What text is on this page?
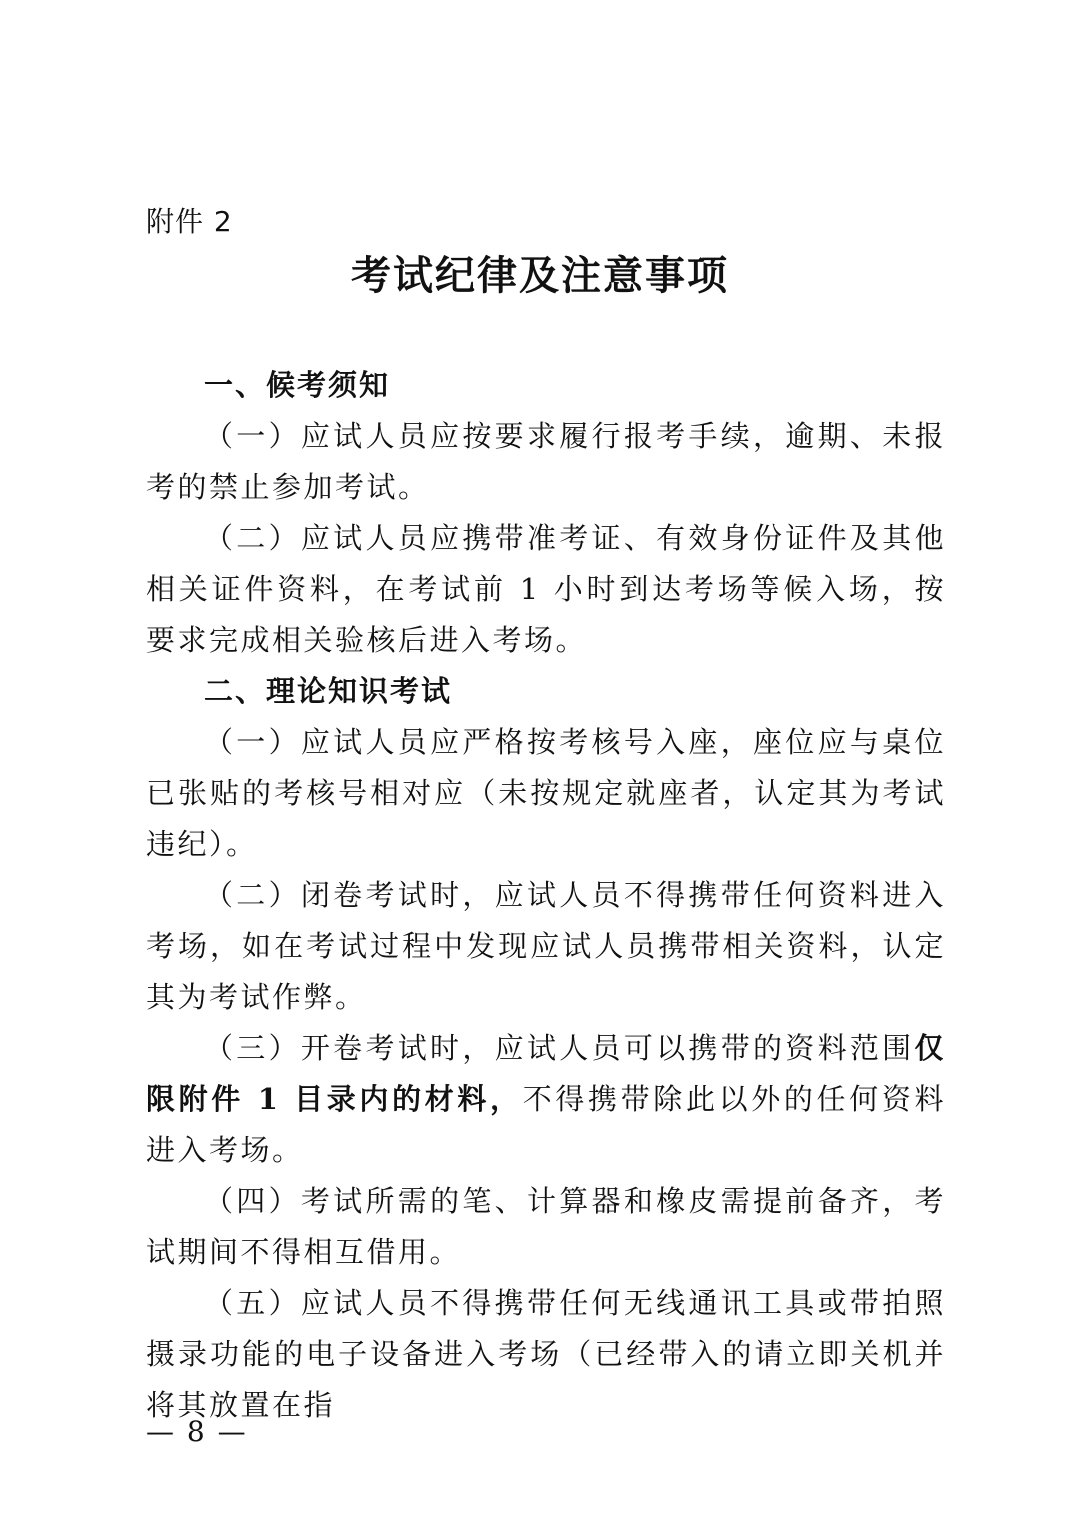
附件 2
考试纪律及注意事项

一、候考须知

（一）应试人员应按要求履行报考手续，逾期、未报考的禁止参加考试。

（二）应试人员应携带准考证、有效身份证件及其他相关证件资料，在考试前 1 小时到达考场等候入场，按要求完成相关验核后进入考场。

二、理论知识考试

（一）应试人员应严格按考核号入座，座位应与桌位已张贴的考核号相对应（未按规定就座者，认定其为考试违纪）。

（二）闭卷考试时，应试人员不得携带任何资料进入考场，如在考试过程中发现应试人员携带相关资料，认定其为考试作弊。

（三）开卷考试时，应试人员可以携带的资料范围仅限附件 1 目录内的材料，不得携带除此以外的任何资料进入考场。

（四）考试所需的笔、计算器和橡皮需提前备齐，考试期间不得相互借用。

（五）应试人员不得携带任何无线通讯工具或带拍照摄录功能的电子设备进入考场（已经带入的请立即关机并将其放置在指

— 8 —
